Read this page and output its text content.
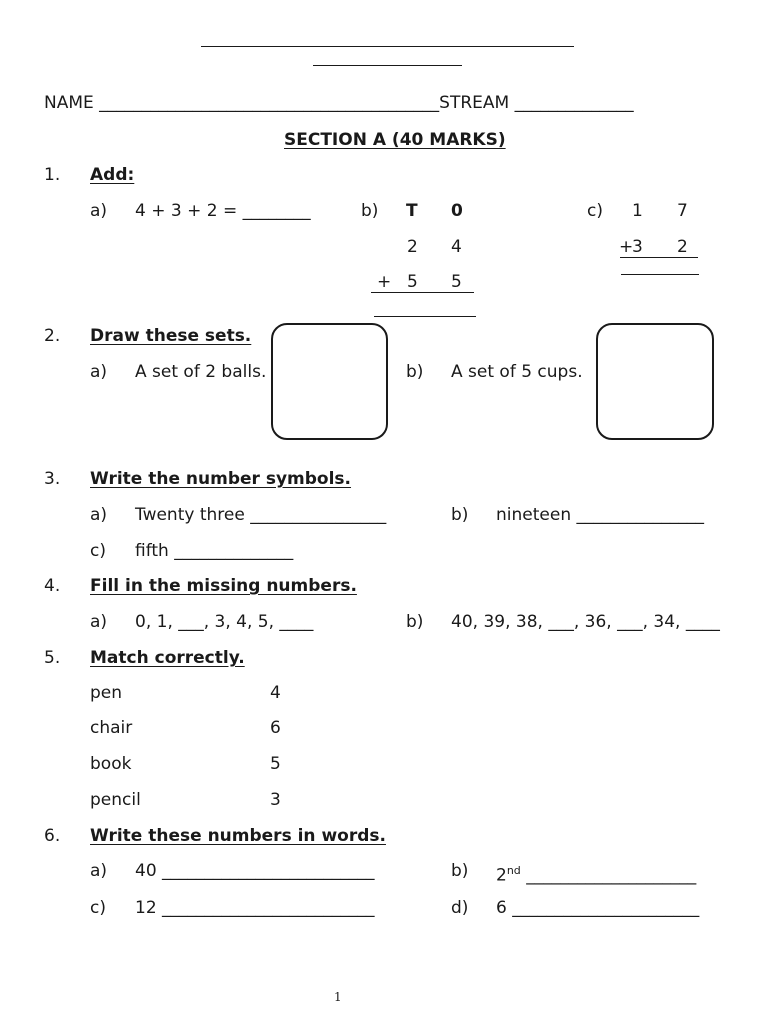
NAME ________________________________________STREAM ______________
SECTION A (40 MARKS)
1. Add:
a) 4 + 3 + 2 = ________	b) T 0
2 4
+ 5 5
c) 1 7
+
3 2
2. Draw these sets.
a) A set of 2 balls.	b) A set of 5 cups.
3. Write the number symbols.
a) Twenty three ________________	b) nineteen _______________
c) fifth ______________
4. Fill in the missing numbers.
a) 0, 1, ___, 3, 4, 5, ____	b) 40, 39, 38, ___, 36, ___, 34, ____
5. Match correctly.
pen	4
chair	6
book	5
pencil	3
6. Write these numbers in words.
a) 40 _________________________	b) 2nd ____________________
c) 12 _________________________	d) 6 ______________________
1
